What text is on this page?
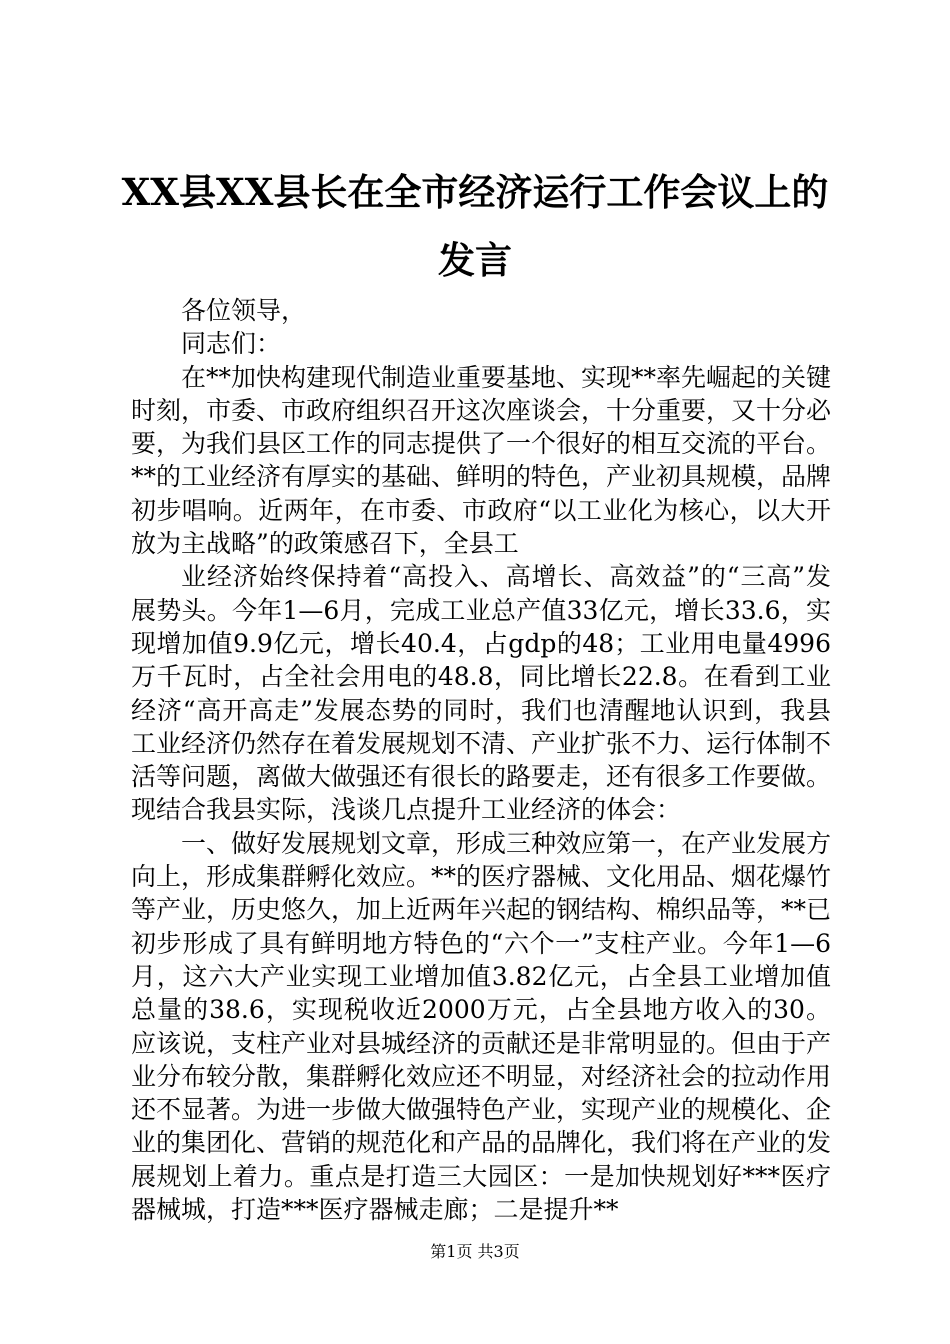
XX县XX县长在全市经济运行工作会议上的发言

各位领导，

同志们：

在**加快构建现代制造业重要基地、实现**率先崛起的关键时刻，市委、市政府组织召开这次座谈会，十分重要，又十分必要，为我们县区工作的同志提供了一个很好的相互交流的平台。**的工业经济有厚实的基础、鲜明的特色，产业初具规模，品牌初步唱响。近两年，在市委、市政府“以工业化为核心，以大开放为主战略”的政策感召下，全县工

业经济始终保持着“高投入、高增长、高效益”的“三高”发展势头。今年1—6月，完成工业总产值33亿元，增长33.6，实现增加值9.9亿元，增长40.4，占gdp的48；工业用电量4996万千瓦时，占全社会用电的48.8，同比增长22.8。在看到工业经济“高开高走”发展态势的同时，我们也清醒地认识到，我县工业经济仍然存在着发展规划不清、产业扩张不力、运行体制不活等问题，离做大做强还有很长的路要走，还有很多工作要做。现结合我县实际，浅谈几点提升工业经济的体会：

一、做好发展规划文章，形成三种效应第一，在产业发展方向上，形成集群孵化效应。**的医疗器械、文化用品、烟花爆竹等产业，历史悠久，加上近两年兴起的钢结构、棉织品等，**已初步形成了具有鲜明地方特色的“六个一”支柱产业。今年1—6月，这六大产业实现工业增加值3.82亿元，占全县工业增加值总量的38.6，实现税收近2000万元，占全县地方收入的30。应该说，支柱产业对县城经济的贡献还是非常明显的。但由于产业分布较分散，集群孵化效应还不明显，对经济社会的拉动作用还不显著。为进一步做大做强特色产业，实现产业的规模化、企业的集团化、营销的规范化和产品的品牌化，我们将在产业的发展规划上着力。重点是打造三大园区：一是加快规划好***医疗器械城，打造***医疗器械走廊；二是提升**

第1页 共3页
